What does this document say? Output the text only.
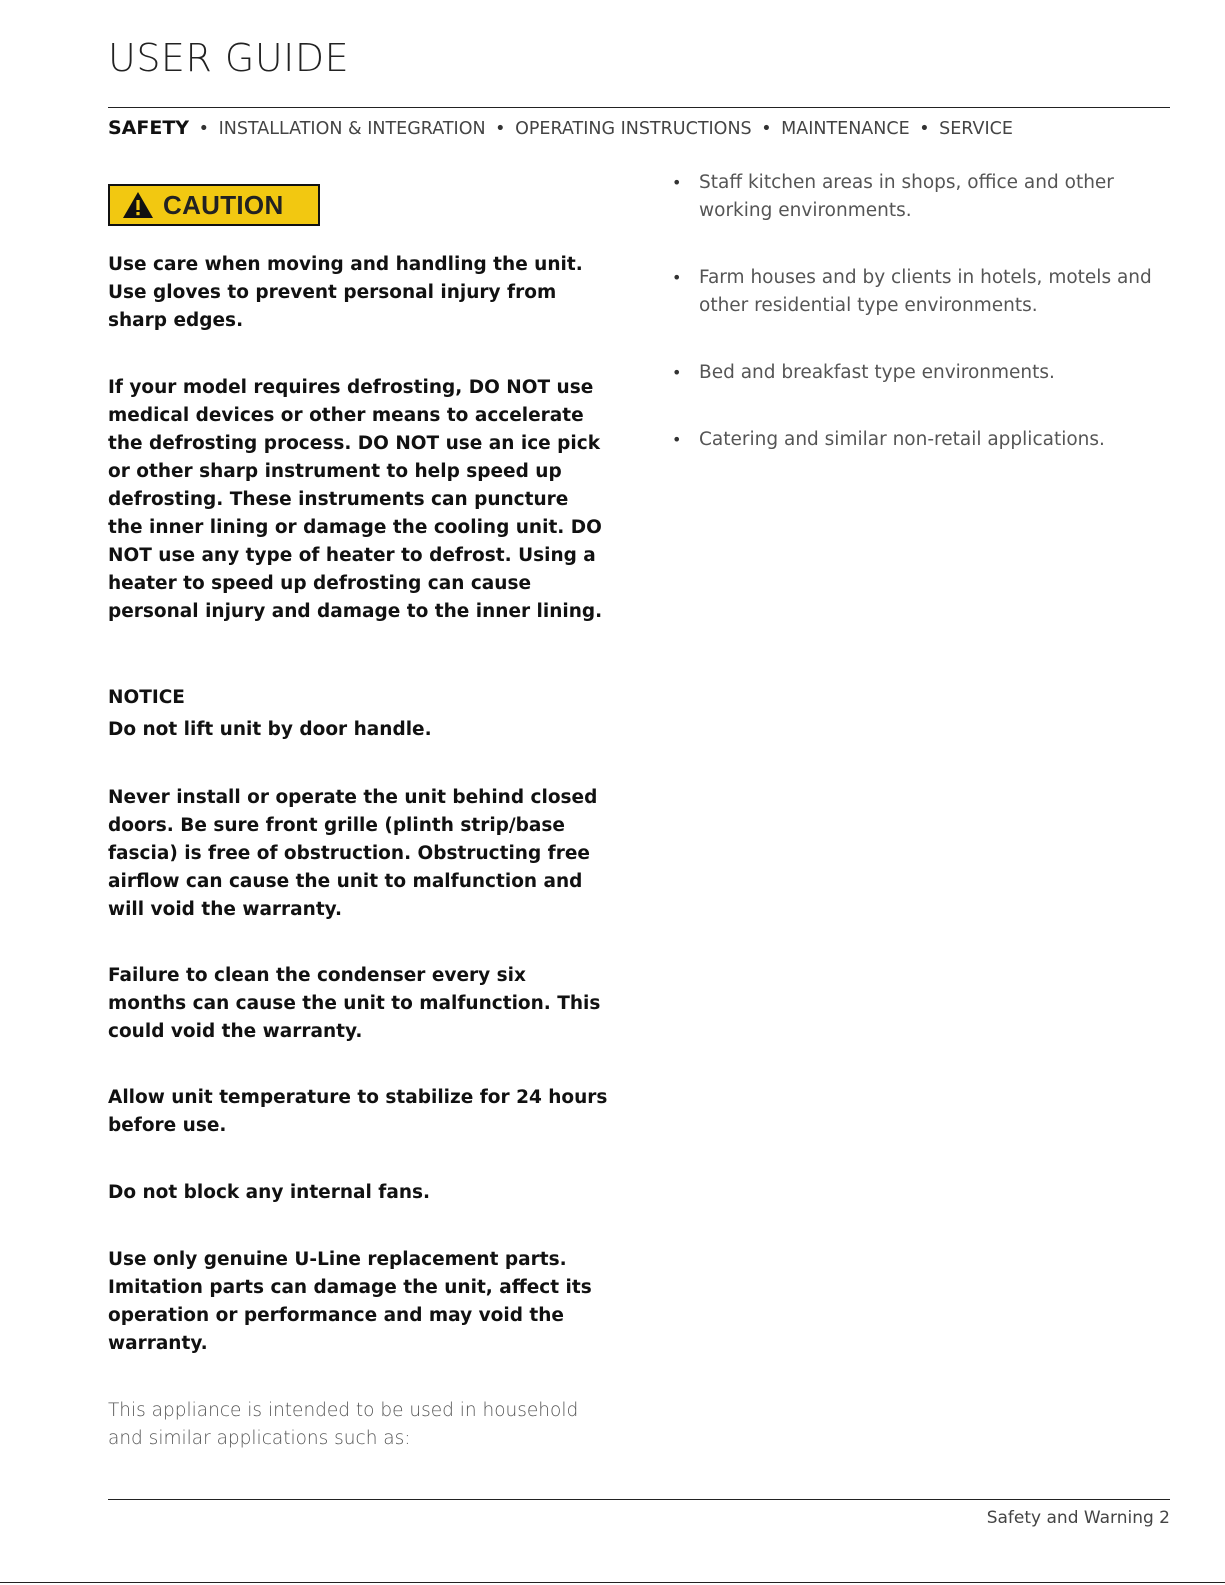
USER GUIDE
SAFETY • INSTALLATION & INTEGRATION • OPERATING INSTRUCTIONS • MAINTENANCE • SERVICE
CAUTION
Use care when moving and handling the unit. Use gloves to prevent personal injury from sharp edges.
If your model requires defrosting, DO NOT use medical devices or other means to accelerate the defrosting process. DO NOT use an ice pick or other sharp instrument to help speed up defrosting. These instruments can puncture the inner lining or damage the cooling unit. DO NOT use any type of heater to defrost. Using a heater to speed up defrosting can cause personal injury and damage to the inner lining.
NOTICE
Do not lift unit by door handle.
Never install or operate the unit behind closed doors. Be sure front grille (plinth strip/base fascia) is free of obstruction. Obstructing free airflow can cause the unit to malfunction and will void the warranty.
Failure to clean the condenser every six months can cause the unit to malfunction. This could void the warranty.
Allow unit temperature to stabilize for 24 hours before use.
Do not block any internal fans.
Use only genuine U-Line replacement parts. Imitation parts can damage the unit, affect its operation or performance and may void the warranty.
This appliance is intended to be used in household and similar applications such as:
• Staff kitchen areas in shops, office and other working environments.
• Farm houses and by clients in hotels, motels and other residential type environments.
• Bed and breakfast type environments.
• Catering and similar non-retail applications.
Safety and Warning 2
